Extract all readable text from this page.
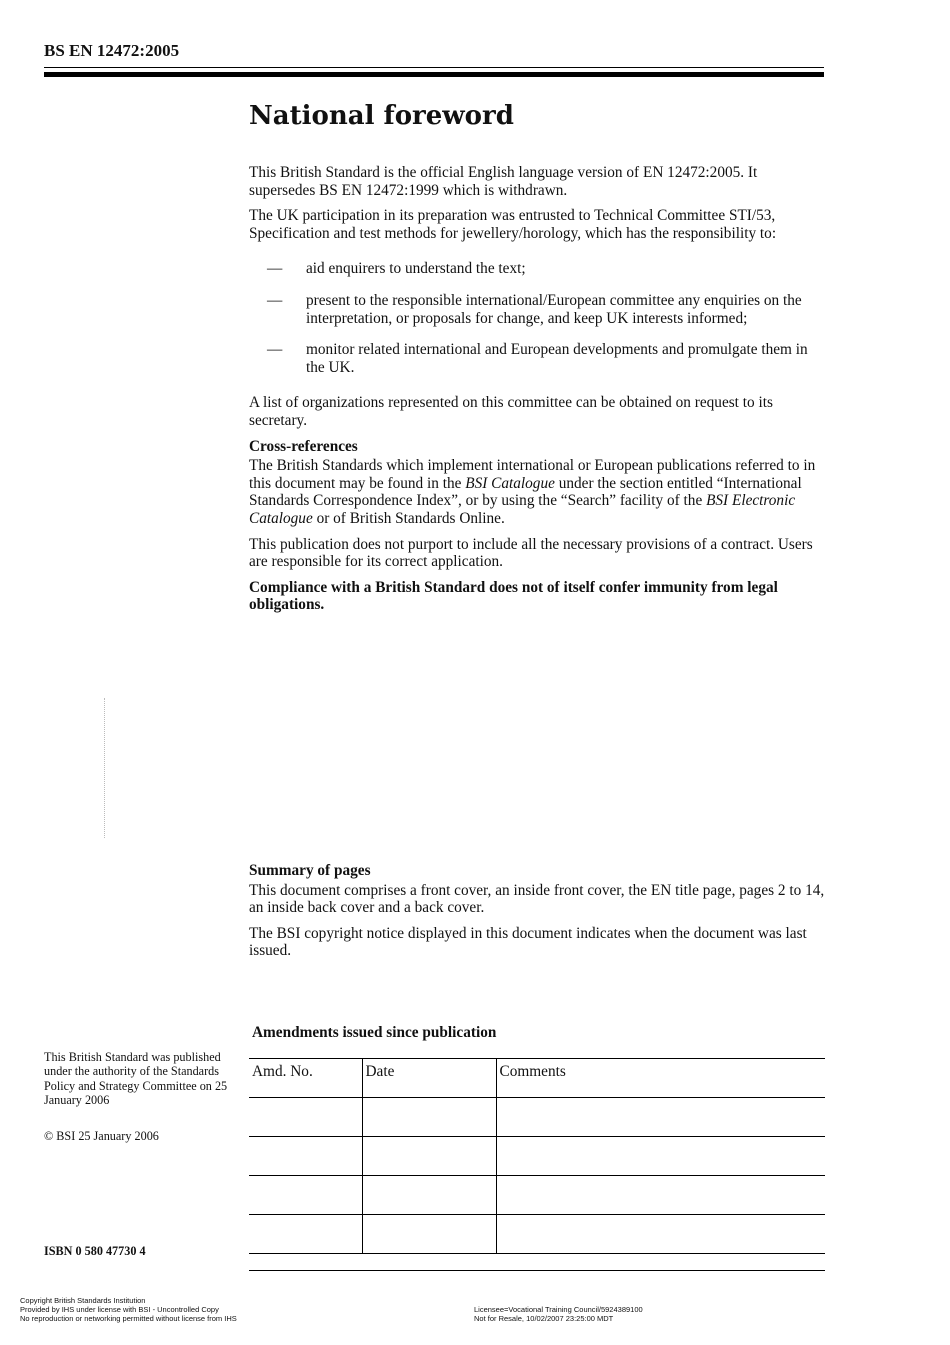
BS EN 12472:2005
National foreword

This British Standard is the official English language version of EN 12472:2005. It supersedes BS EN 12472:1999 which is withdrawn.

The UK participation in its preparation was entrusted to Technical Committee STI/53, Specification and test methods for jewellery/horology, which has the responsibility to:

— aid enquirers to understand the text;
— present to the responsible international/European committee any enquiries on the interpretation, or proposals for change, and keep UK interests informed;
— monitor related international and European developments and promulgate them in the UK.

A list of organizations represented on this committee can be obtained on request to its secretary.

Cross-references

The British Standards which implement international or European publications referred to in this document may be found in the BSI Catalogue under the section entitled “International Standards Correspondence Index”, or by using the “Search” facility of the BSI Electronic Catalogue or of British Standards Online.

This publication does not purport to include all the necessary provisions of a contract. Users are responsible for its correct application.

Compliance with a British Standard does not of itself confer immunity from legal obligations.

Summary of pages

This document comprises a front cover, an inside front cover, the EN title page, pages 2 to 14, an inside back cover and a back cover.

The BSI copyright notice displayed in this document indicates when the document was last issued.

Amendments issued since publication
Amd. No.	Date	Comments

This British Standard was published under the authority of the Standards Policy and Strategy Committee on 25 January 2006

© BSI 25 January 2006

ISBN 0 580 47730 4
Copyright British Standards Institution
Provided by IHS under license with BSI - Uncontrolled Copy
No reproduction or networking permitted without license from IHS
Licensee=Vocational Training Council/5924389100
Not for Resale, 10/02/2007 23:25:00 MDT
